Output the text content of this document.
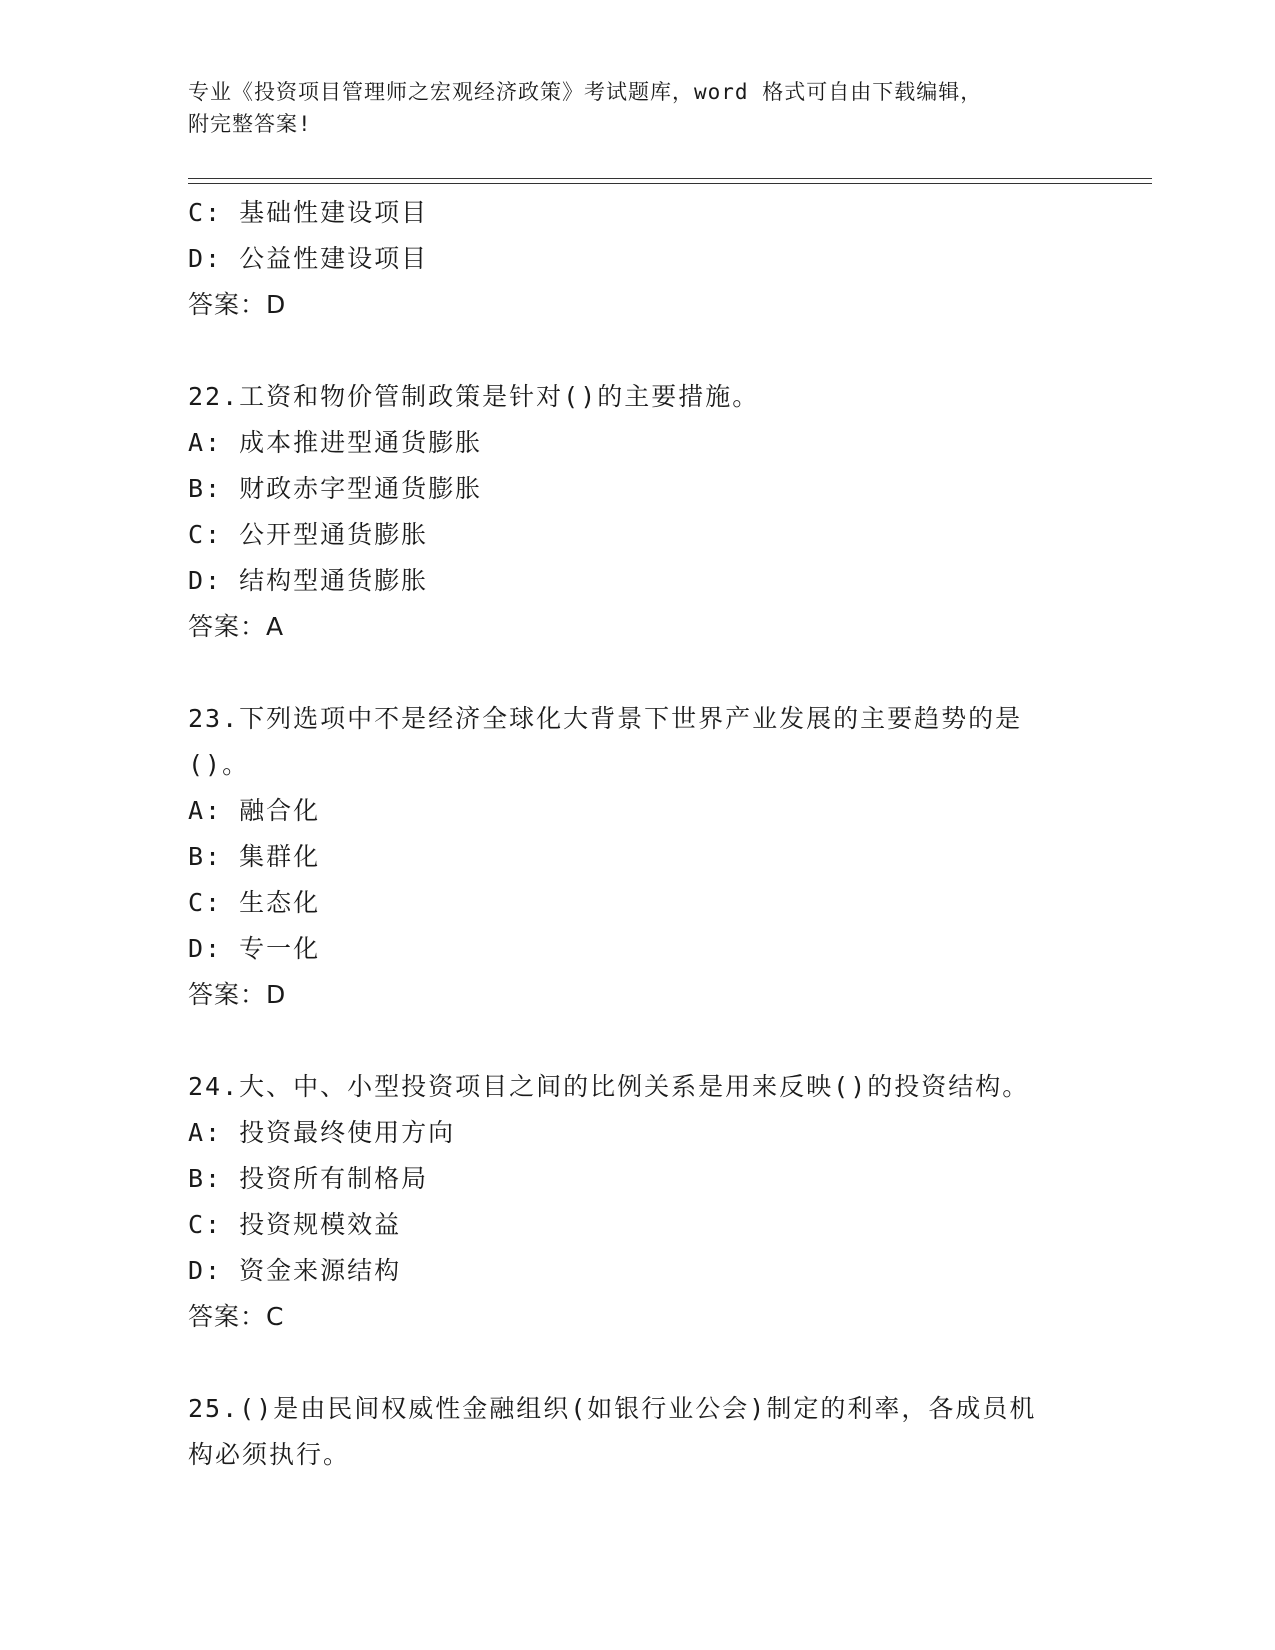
专业《投资项目管理师之宏观经济政策》考试题库，word 格式可自由下载编辑，
附完整答案!
C: 基础性建设项目
D: 公益性建设项目
答案：D
22.工资和物价管制政策是针对()的主要措施。
A: 成本推进型通货膨胀
B: 财政赤字型通货膨胀
C: 公开型通货膨胀
D: 结构型通货膨胀
答案：A
23.下列选项中不是经济全球化大背景下世界产业发展的主要趋势的是
()。
A: 融合化
B: 集群化
C: 生态化
D: 专一化
答案：D
24.大、中、小型投资项目之间的比例关系是用来反映()的投资结构。
A: 投资最终使用方向
B: 投资所有制格局
C: 投资规模效益
D: 资金来源结构
答案：C
25.()是由民间权威性金融组织(如银行业公会)制定的利率，各成员机
构必须执行。
